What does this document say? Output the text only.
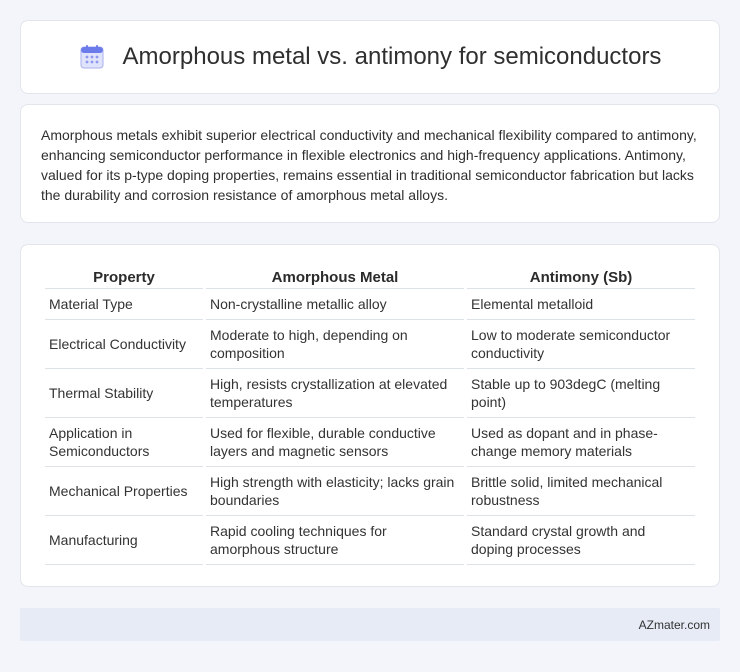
Amorphous metal vs. antimony for semiconductors

Amorphous metals exhibit superior electrical conductivity and mechanical flexibility compared to antimony, enhancing semiconductor performance in flexible electronics and high-frequency applications. Antimony, valued for its p-type doping properties, remains essential in traditional semiconductor fabrication but lacks the durability and corrosion resistance of amorphous metal alloys.

Property	Amorphous Metal	Antimony (Sb)
Material Type	Non-crystalline metallic alloy	Elemental metalloid
Electrical Conductivity	Moderate to high, depending on composition	Low to moderate semiconductor conductivity
Thermal Stability	High, resists crystallization at elevated temperatures	Stable up to 903degC (melting point)
Application in Semiconductors	Used for flexible, durable conductive layers and magnetic sensors	Used as dopant and in phase-change memory materials
Mechanical Properties	High strength with elasticity; lacks grain boundaries	Brittle solid, limited mechanical robustness
Manufacturing	Rapid cooling techniques for amorphous structure	Standard crystal growth and doping processes
AZmater.com
